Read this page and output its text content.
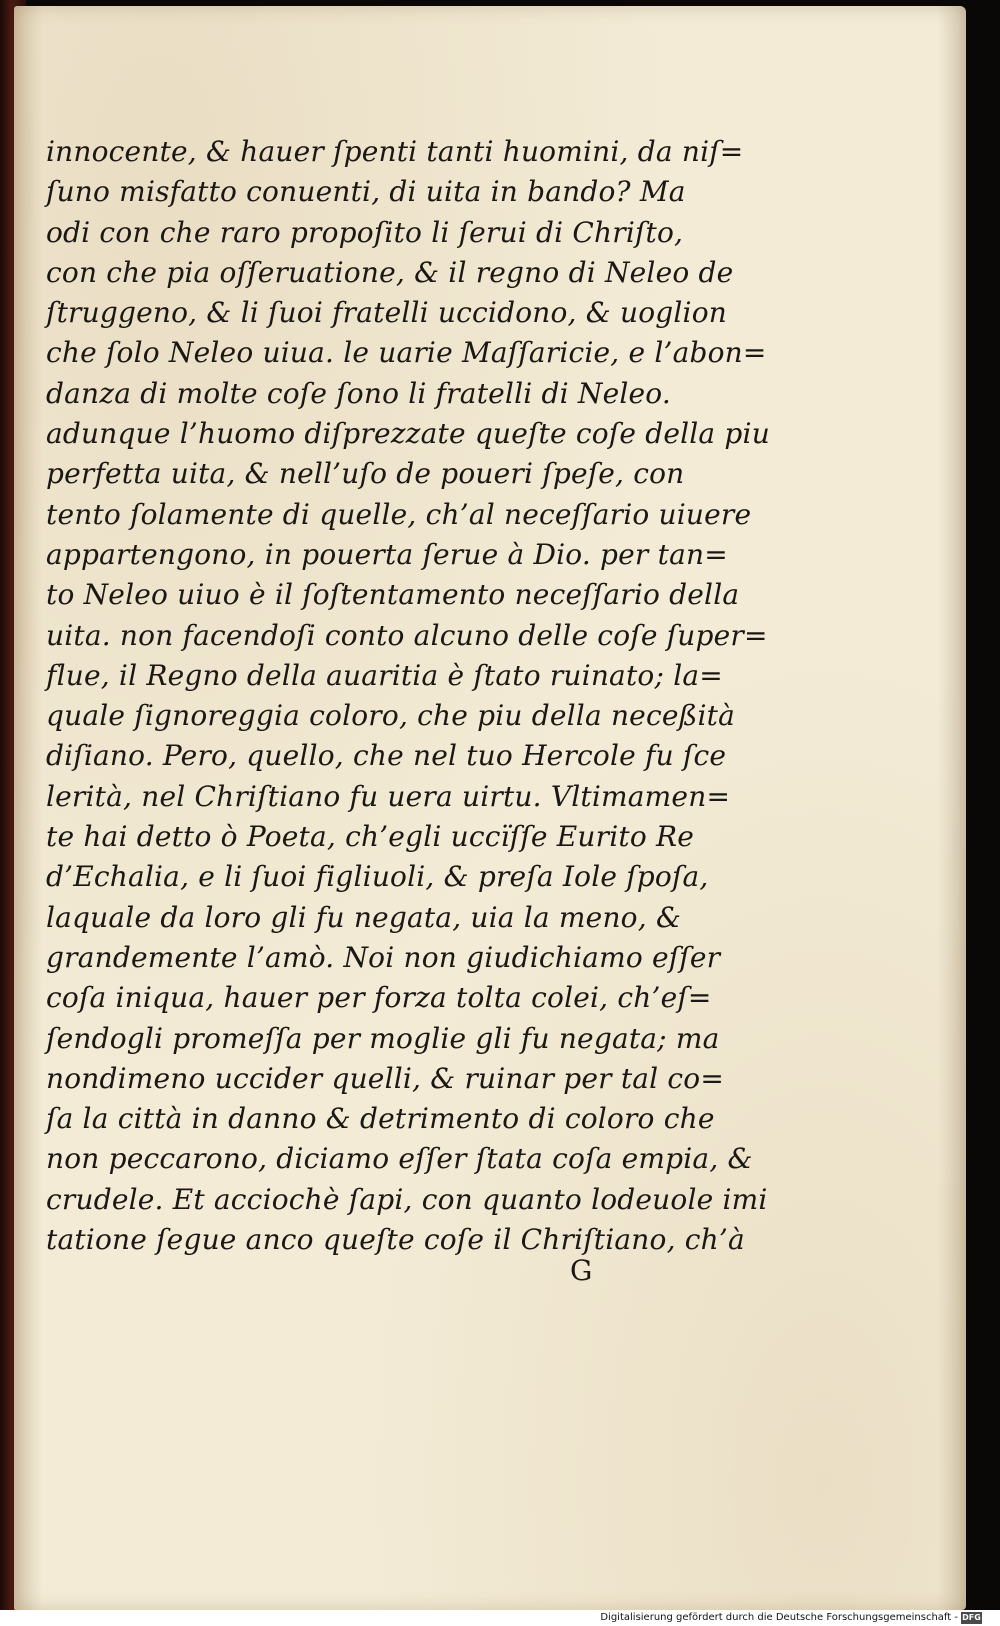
innocente, & hauer ſpenti tanti huomini, da niſ=
ſuno misfatto conuenti, di uita in bando? Ma
odi con che raro propoſito li ſerui di Chriſto,
con che pia oſſeruatione, & il regno di Neleo de
ſtruggeno, & li ſuoi fratelli uccidono, & uoglion
che ſolo Neleo uiua. le uarie Maſſaricie, e l’abon=
danza di molte coſe ſono li fratelli di Neleo.
adunque l’huomo diſprezzate queſte coſe della piu
perfetta uita, & nell’uſo de poueri ſpeſe, con
tento ſolamente di quelle, ch’al neceſſario uiuere
appartengono, in pouerta ſerue à Dio. per tan=
to Neleo uiuo è il ſoſtentamento neceſſario della
uita. non facendoſi conto alcuno delle coſe ſuper=
flue, il Regno della auaritia è ſtato ruinato; la=
quale ſignoreggia coloro, che piu della neceßità
diſiano. Pero, quello, che nel tuo Hercole fu ſce
lerità, nel Chriſtiano fu uera uirtu. Vltimamen=
te hai detto ò Poeta, ch’egli uccïſſe Eurito Re
d’Echalia, e li ſuoi figliuoli, & preſa Iole ſpoſa,
laquale da loro gli fu negata, uia la meno, &
grandemente l’amò. Noi non giudichiamo eſſer
coſa iniqua, hauer per forza tolta colei, ch’eſ=
ſendogli promeſſa per moglie gli fu negata; ma
nondimeno uccider quelli, & ruinar per tal co=
ſa la città in danno & detrimento di coloro che
non peccarono, diciamo eſſer ſtata coſa empia, &
crudele. Et acciochè ſapi, con quanto lodeuole imi
tatione ſegue anco queſte coſe il Chriſtiano, ch’à
G
Digitalisierung gefördert durch die Deutsche Forschungsgemeinschaft - DFG
